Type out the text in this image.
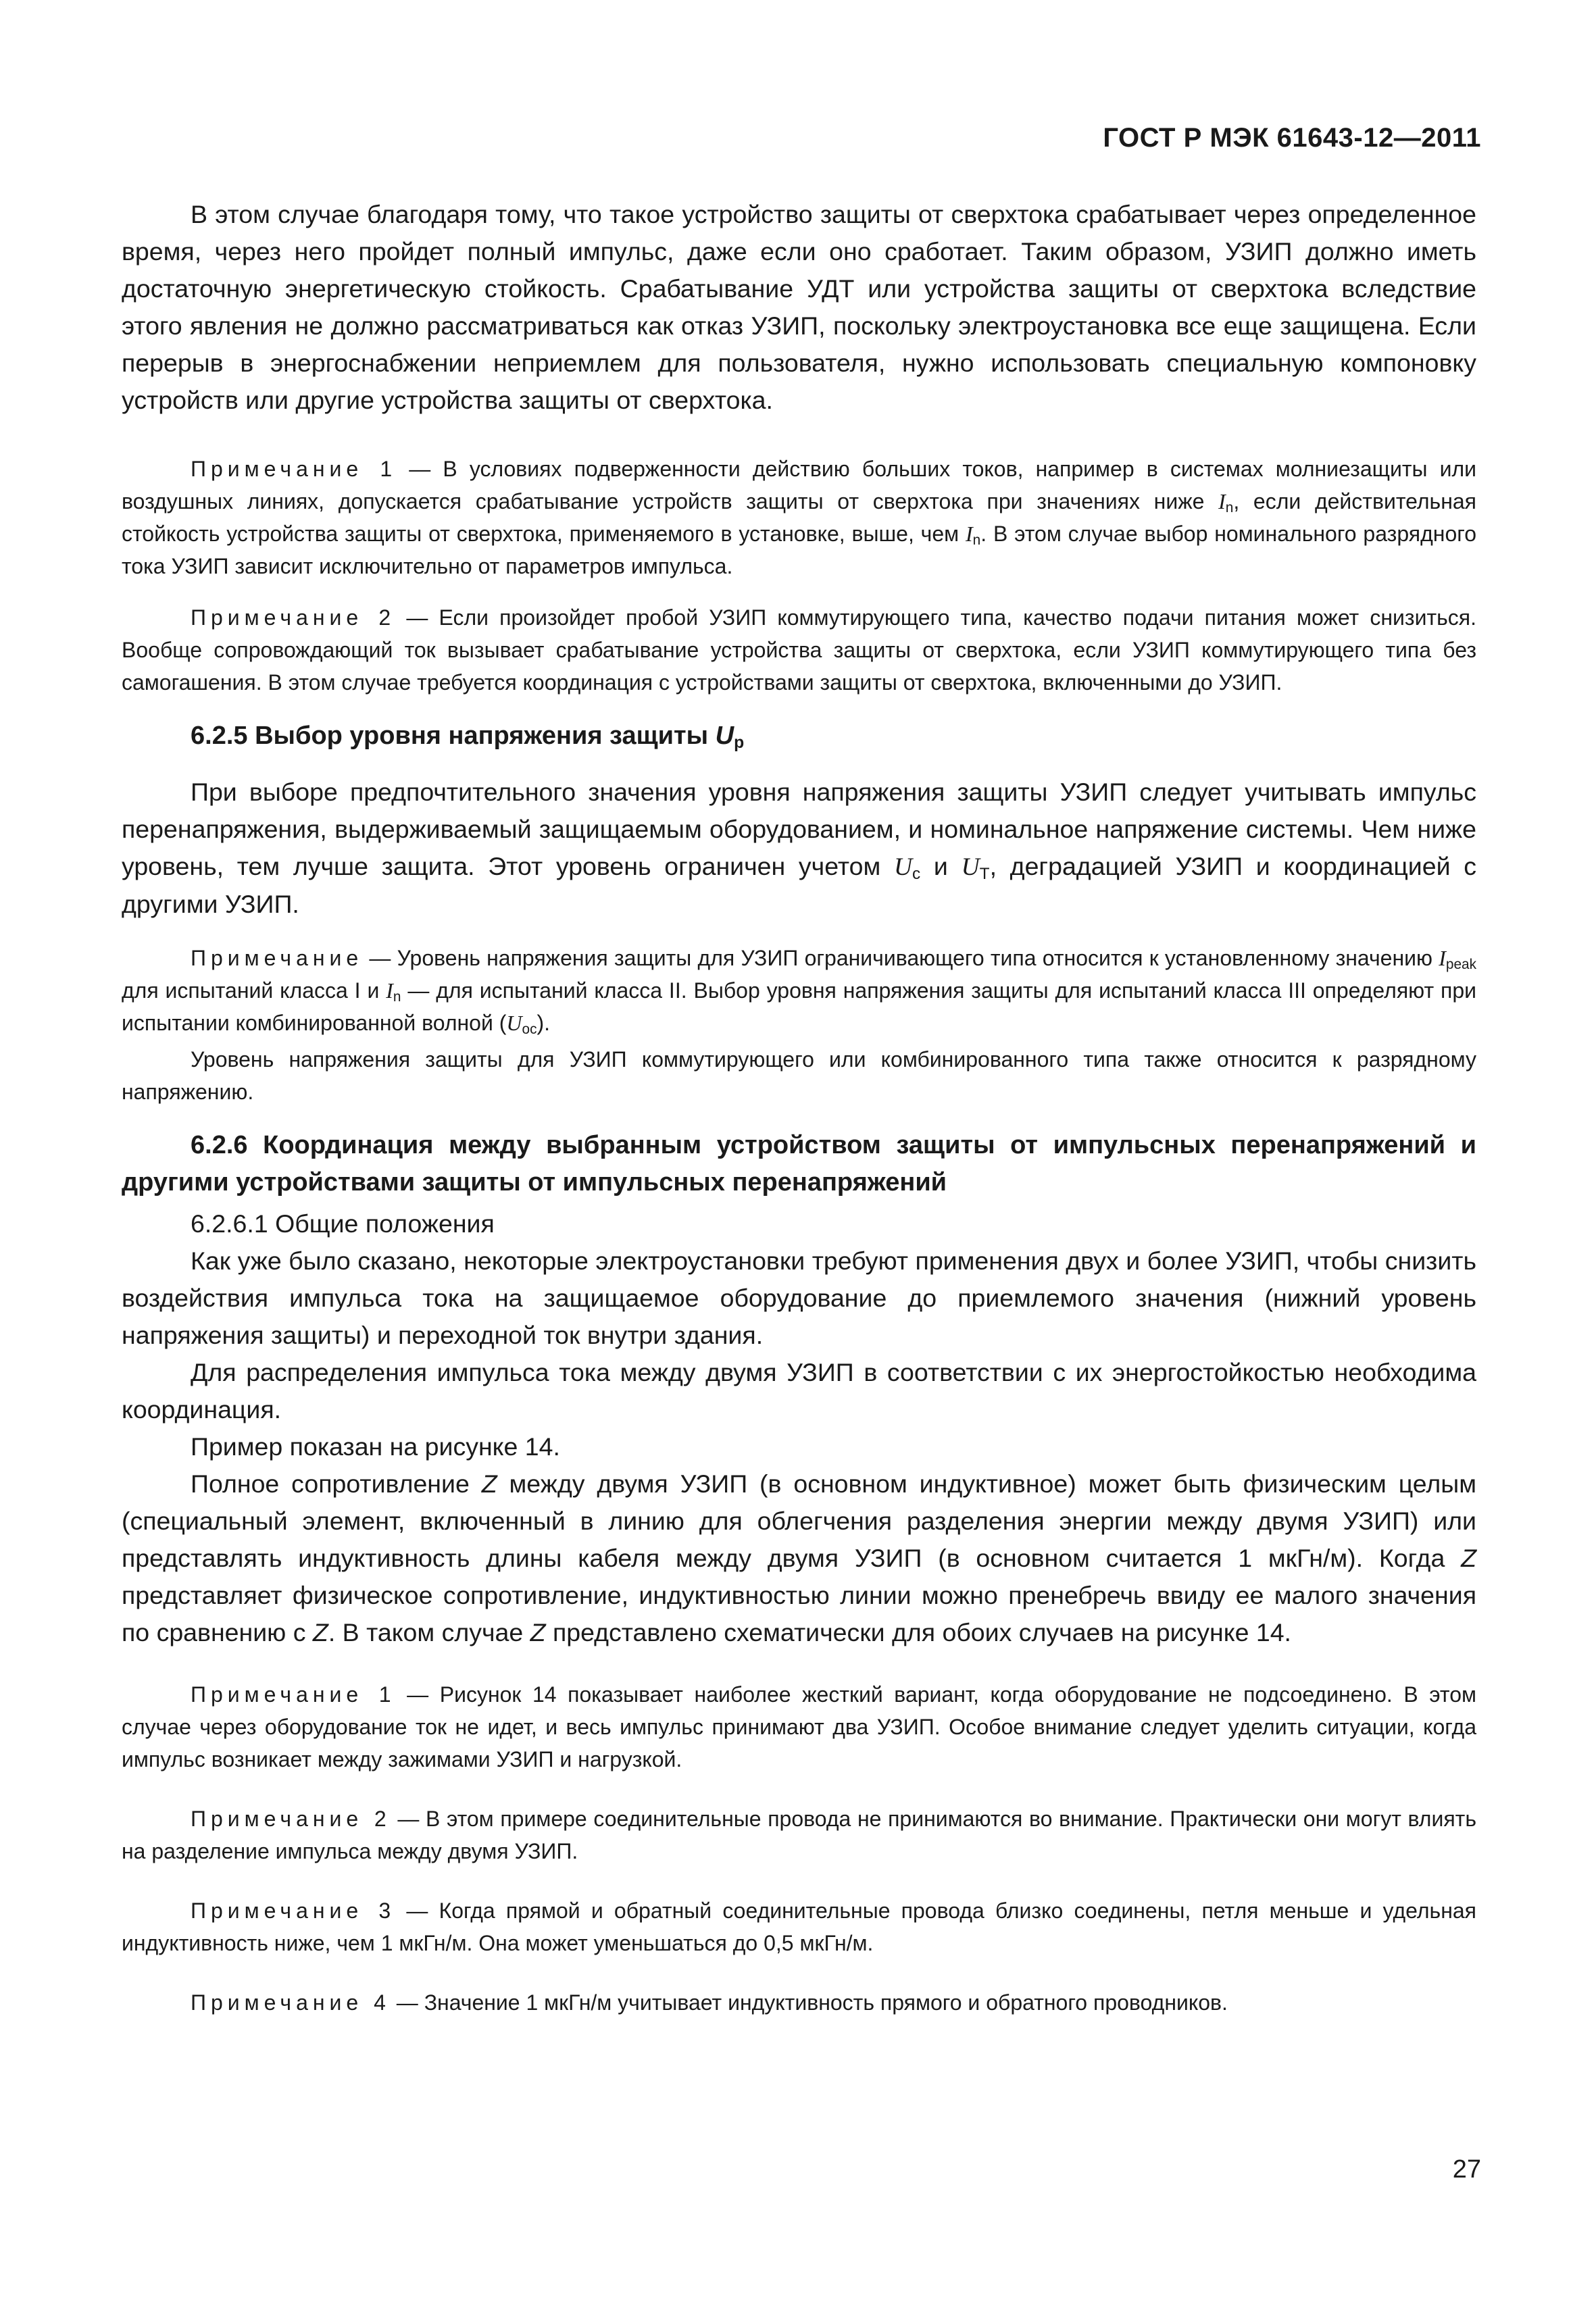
ГОСТ Р МЭК 61643-12—2011

В этом случае благодаря тому, что такое устройство защиты от сверхтока срабатывает через определенное время, через него пройдет полный импульс, даже если оно сработает. Таким образом, УЗИП должно иметь достаточную энергетическую стойкость. Срабатывание УДТ или устройства защиты от сверхтока вследствие этого явления не должно рассматриваться как отказ УЗИП, поскольку электроустановка все еще защищена. Если перерыв в энергоснабжении неприемлем для пользователя, нужно использовать специальную компоновку устройств или другие устройства защиты от сверхтока.

Примечание 1 — В условиях подверженности действию больших токов, например в системах молниезащиты или воздушных линиях, допускается срабатывание устройств защиты от сверхтока при значениях ниже $I_n$, если действительная стойкость устройства защиты от сверхтока, применяемого в установке, выше, чем $I_n$. В этом случае выбор номинального разрядного тока УЗИП зависит исключительно от параметров импульса.

Примечание 2 — Если произойдет пробой УЗИП коммутирующего типа, качество подачи питания может снизиться. Вообще сопровождающий ток вызывает срабатывание устройства защиты от сверхтока, если УЗИП коммутирующего типа без самогашения. В этом случае требуется координация с устройствами защиты от сверхтока, включенными до УЗИП.

6.2.5 Выбор уровня напряжения защиты $U_p$

При выборе предпочтительного значения уровня напряжения защиты УЗИП следует учитывать импульс перенапряжения, выдерживаемый защищаемым оборудованием, и номинальное напряжение системы. Чем ниже уровень, тем лучше защита. Этот уровень ограничен учетом $U_c$ и $U_T$, деградацией УЗИП и координацией с другими УЗИП.

Примечание — Уровень напряжения защиты для УЗИП ограничивающего типа относится к установленному значению $I_{peak}$ для испытаний класса I и $I_n$ — для испытаний класса II. Выбор уровня напряжения защиты для испытаний класса III определяют при испытании комбинированной волной $(U_{oc})$.

Уровень напряжения защиты для УЗИП коммутирующего или комбинированного типа также относится к разрядному напряжению.

6.2.6 Координация между выбранным устройством защиты от импульсных перенапряжений и другими устройствами защиты от импульсных перенапряжений

6.2.6.1 Общие положения

Как уже было сказано, некоторые электроустановки требуют применения двух и более УЗИП, чтобы снизить воздействия импульса тока на защищаемое оборудование до приемлемого значения (нижний уровень напряжения защиты) и переходной ток внутри здания.

Для распределения импульса тока между двумя УЗИП в соответствии с их энергостойкостью необходима координация.

Пример показан на рисунке 14.

Полное сопротивление Z между двумя УЗИП (в основном индуктивное) может быть физическим целым (специальный элемент, включенный в линию для облегчения разделения энергии между двумя УЗИП) или представлять индуктивность длины кабеля между двумя УЗИП (в основном считается 1 мкГн/м). Когда Z представляет физическое сопротивление, индуктивностью линии можно пренебречь ввиду ее малого значения по сравнению с Z. В таком случае Z представлено схематически для обоих случаев на рисунке 14.

Примечание 1 — Рисунок 14 показывает наиболее жесткий вариант, когда оборудование не подсоединено. В этом случае через оборудование ток не идет, и весь импульс принимают два УЗИП. Особое внимание следует уделить ситуации, когда импульс возникает между зажимами УЗИП и нагрузкой.

Примечание 2 — В этом примере соединительные провода не принимаются во внимание. Практически они могут влиять на разделение импульса между двумя УЗИП.

Примечание 3 — Когда прямой и обратный соединительные провода близко соединены, петля меньше и удельная индуктивность ниже, чем 1 мкГн/м. Она может уменьшаться до 0,5 мкГн/м.

Примечание 4 — Значение 1 мкГн/м учитывает индуктивность прямого и обратного проводников.

27
